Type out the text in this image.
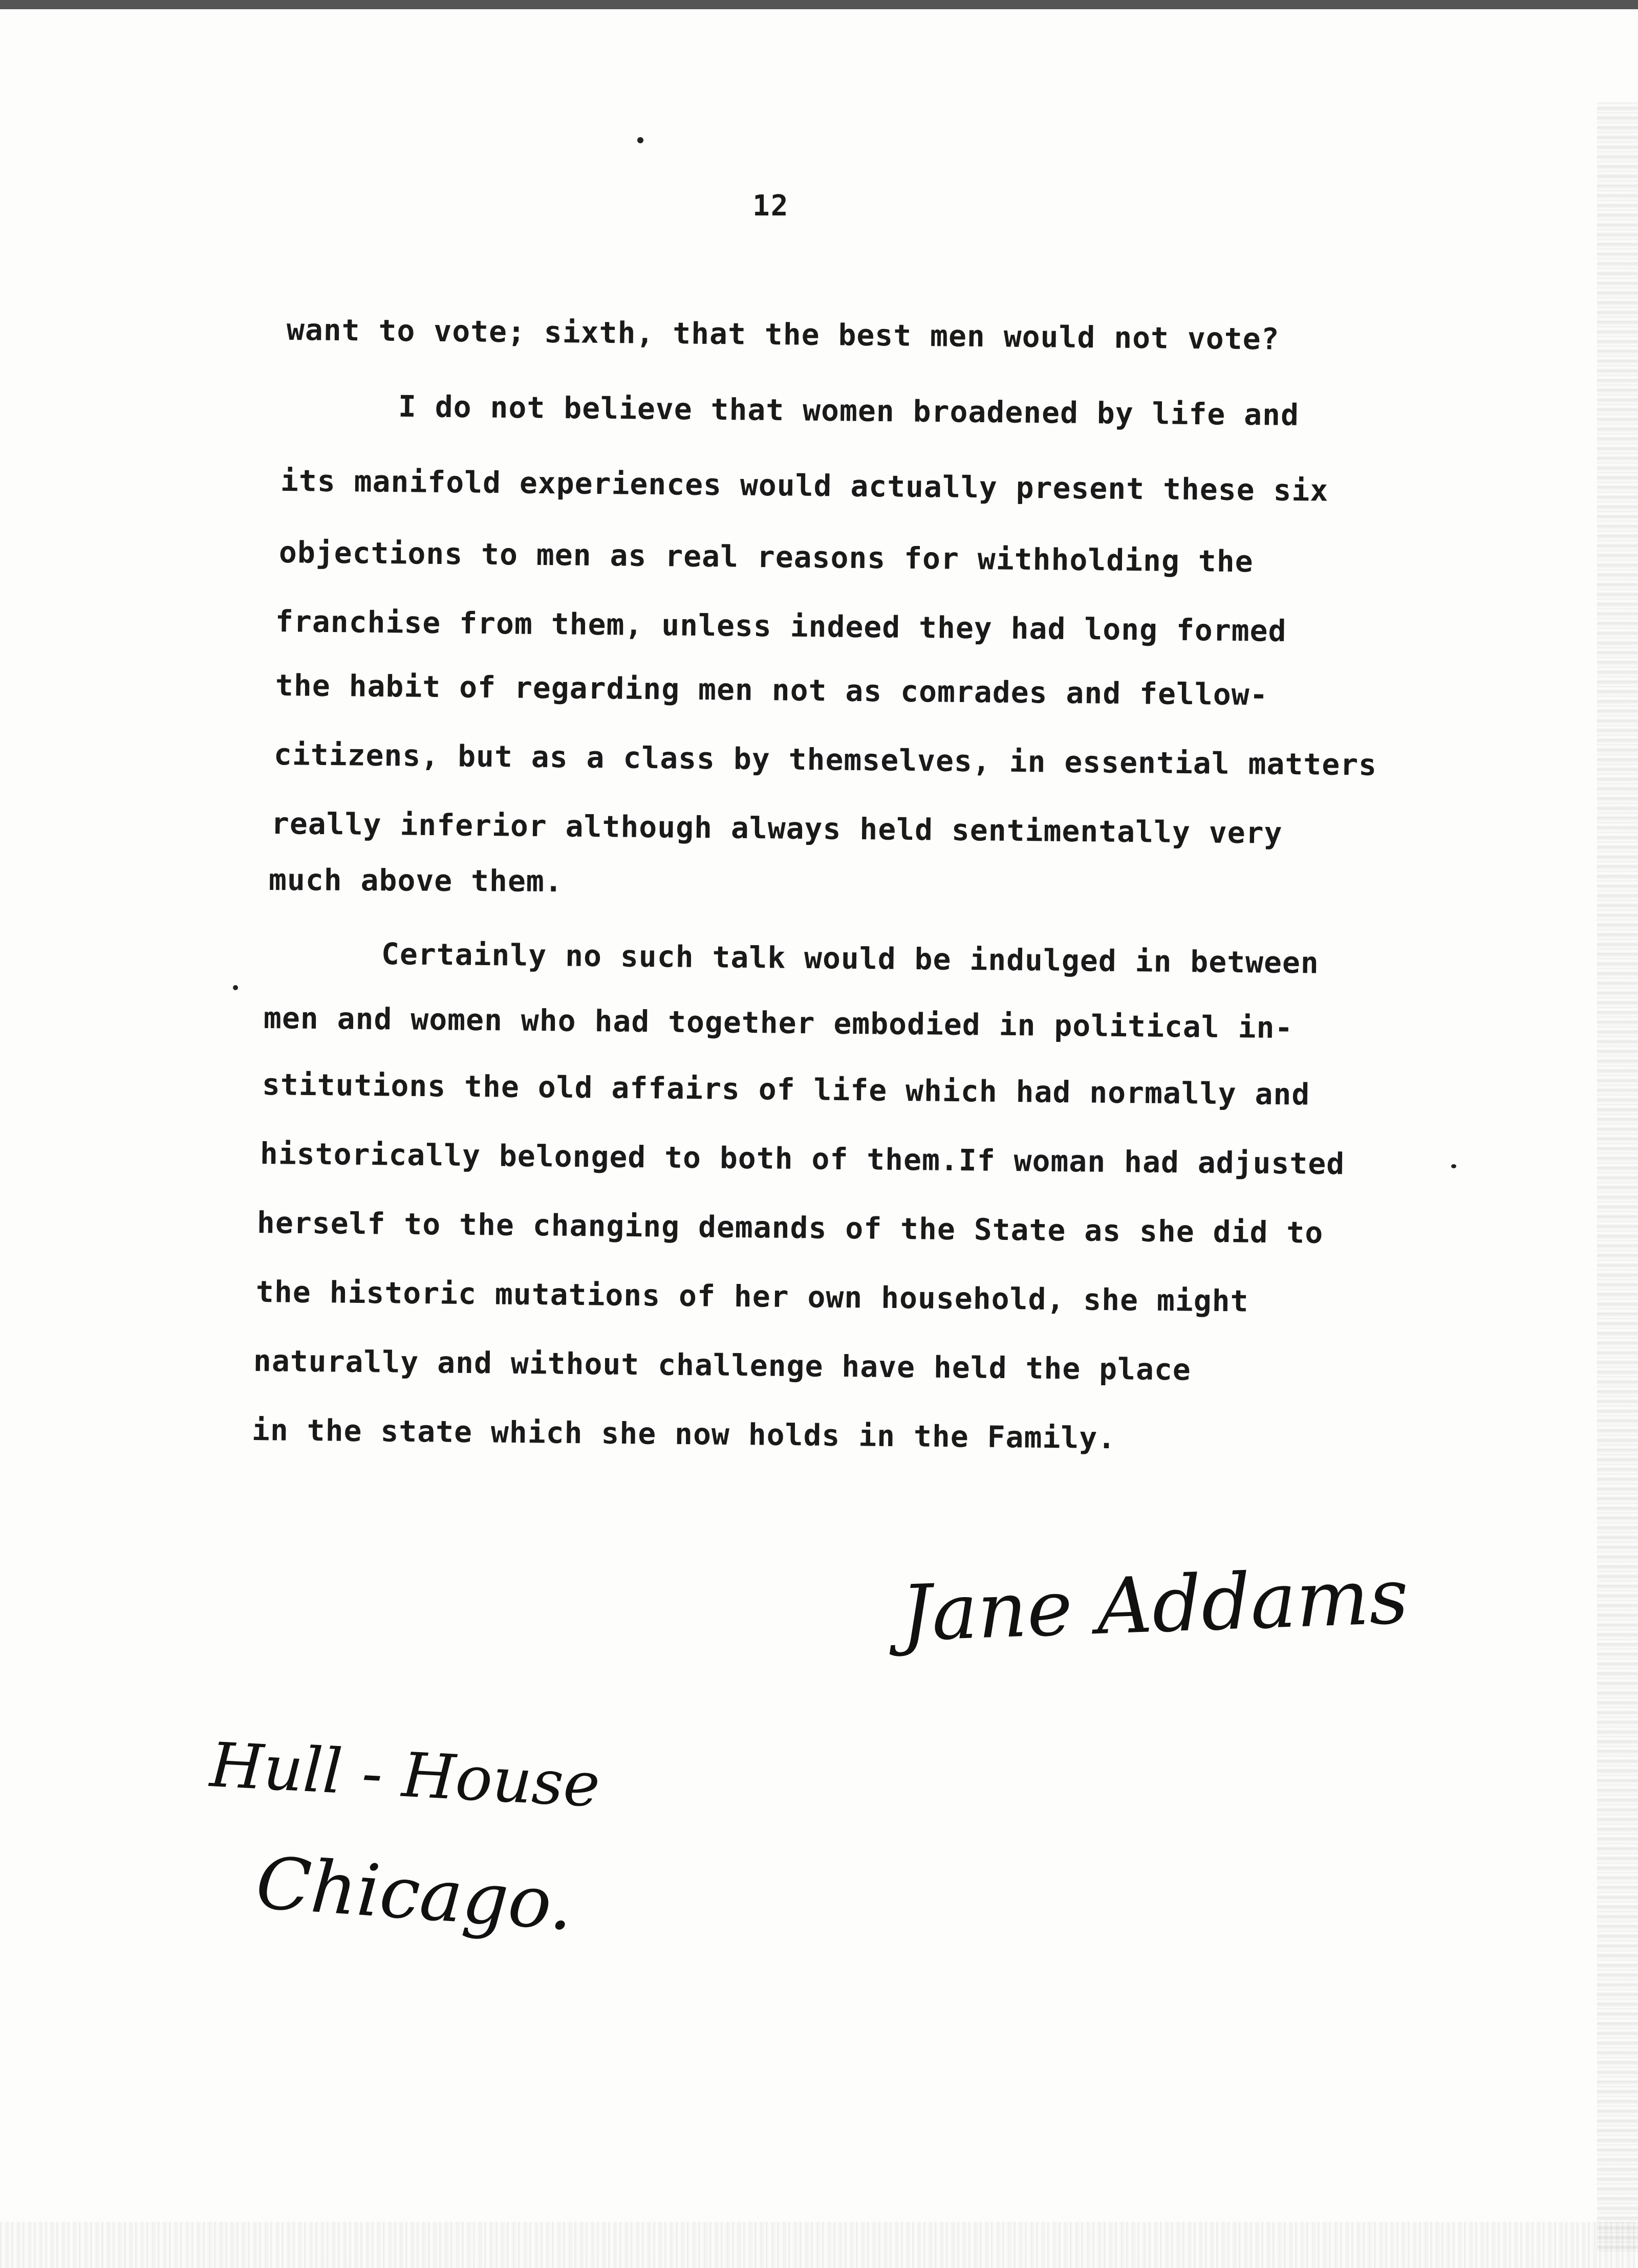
12
want to vote; sixth, that the best men would not vote?
I do not believe that women broadened by life and
its manifold experiences would actually present these six
objections to men as real reasons for withholding the
franchise from them, unless indeed they had long formed
the habit of regarding men not as comrades and fellow-
citizens, but as a class by themselves, in essential matters
really inferior although always held sentimentally very
much above them.
Certainly no such talk would be indulged in between
men and women who had together embodied in political in-
stitutions the old affairs of life which had normally and
historically belonged to both of them.If woman had adjusted
herself to the changing demands of the State as she did to
the historic mutations of her own household, she might
naturally and without challenge have held the place
in the state which she now holds in the Family.
Jane Addams
Hull - House
Chicago.
